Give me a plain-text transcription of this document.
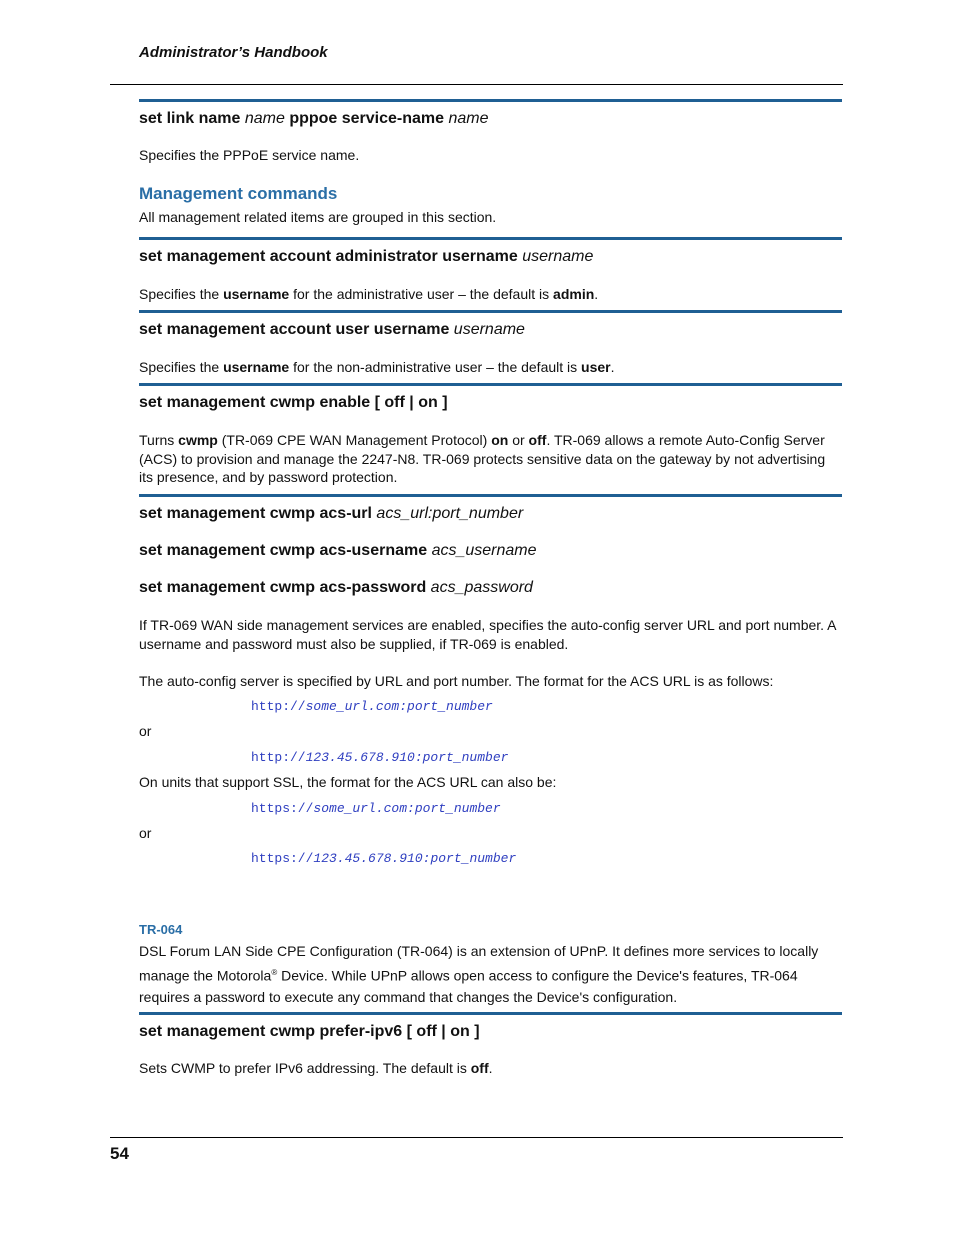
Administrator’s Handbook
set link name name pppoe service-name name
Specifies the PPPoE service name.
Management commands
All management related items are grouped in this section.
set management account administrator username username
Specifies the username for the administrative user – the default is admin.
set management account user username username
Specifies the username for the non-administrative user – the default is user.
set management cwmp enable [ off | on ]
Turns cwmp (TR-069 CPE WAN Management Protocol) on or off. TR-069 allows a remote Auto-Config Server (ACS) to provision and manage the 2247-N8. TR-069 protects sensitive data on the gateway by not advertising its presence, and by password protection.
set management cwmp acs-url acs_url:port_number
set management cwmp acs-username acs_username
set management cwmp acs-password acs_password
If TR-069 WAN side management services are enabled, specifies the auto-config server URL and port number. A username and password must also be supplied, if TR-069 is enabled.
The auto-config server is specified by URL and port number. The format for the ACS URL is as follows:
http://some_url.com:port_number
or
http://123.45.678.910:port_number
On units that support SSL, the format for the ACS URL can also be:
https://some_url.com:port_number
or
https://123.45.678.910:port_number
TR-064
DSL Forum LAN Side CPE Configuration (TR-064) is an extension of UPnP. It defines more services to locally manage the Motorola® Device. While UPnP allows open access to configure the Device's features, TR-064 requires a password to execute any command that changes the Device's configuration.
set management cwmp prefer-ipv6 [ off | on ]
Sets CWMP to prefer IPv6 addressing. The default is off.
54
